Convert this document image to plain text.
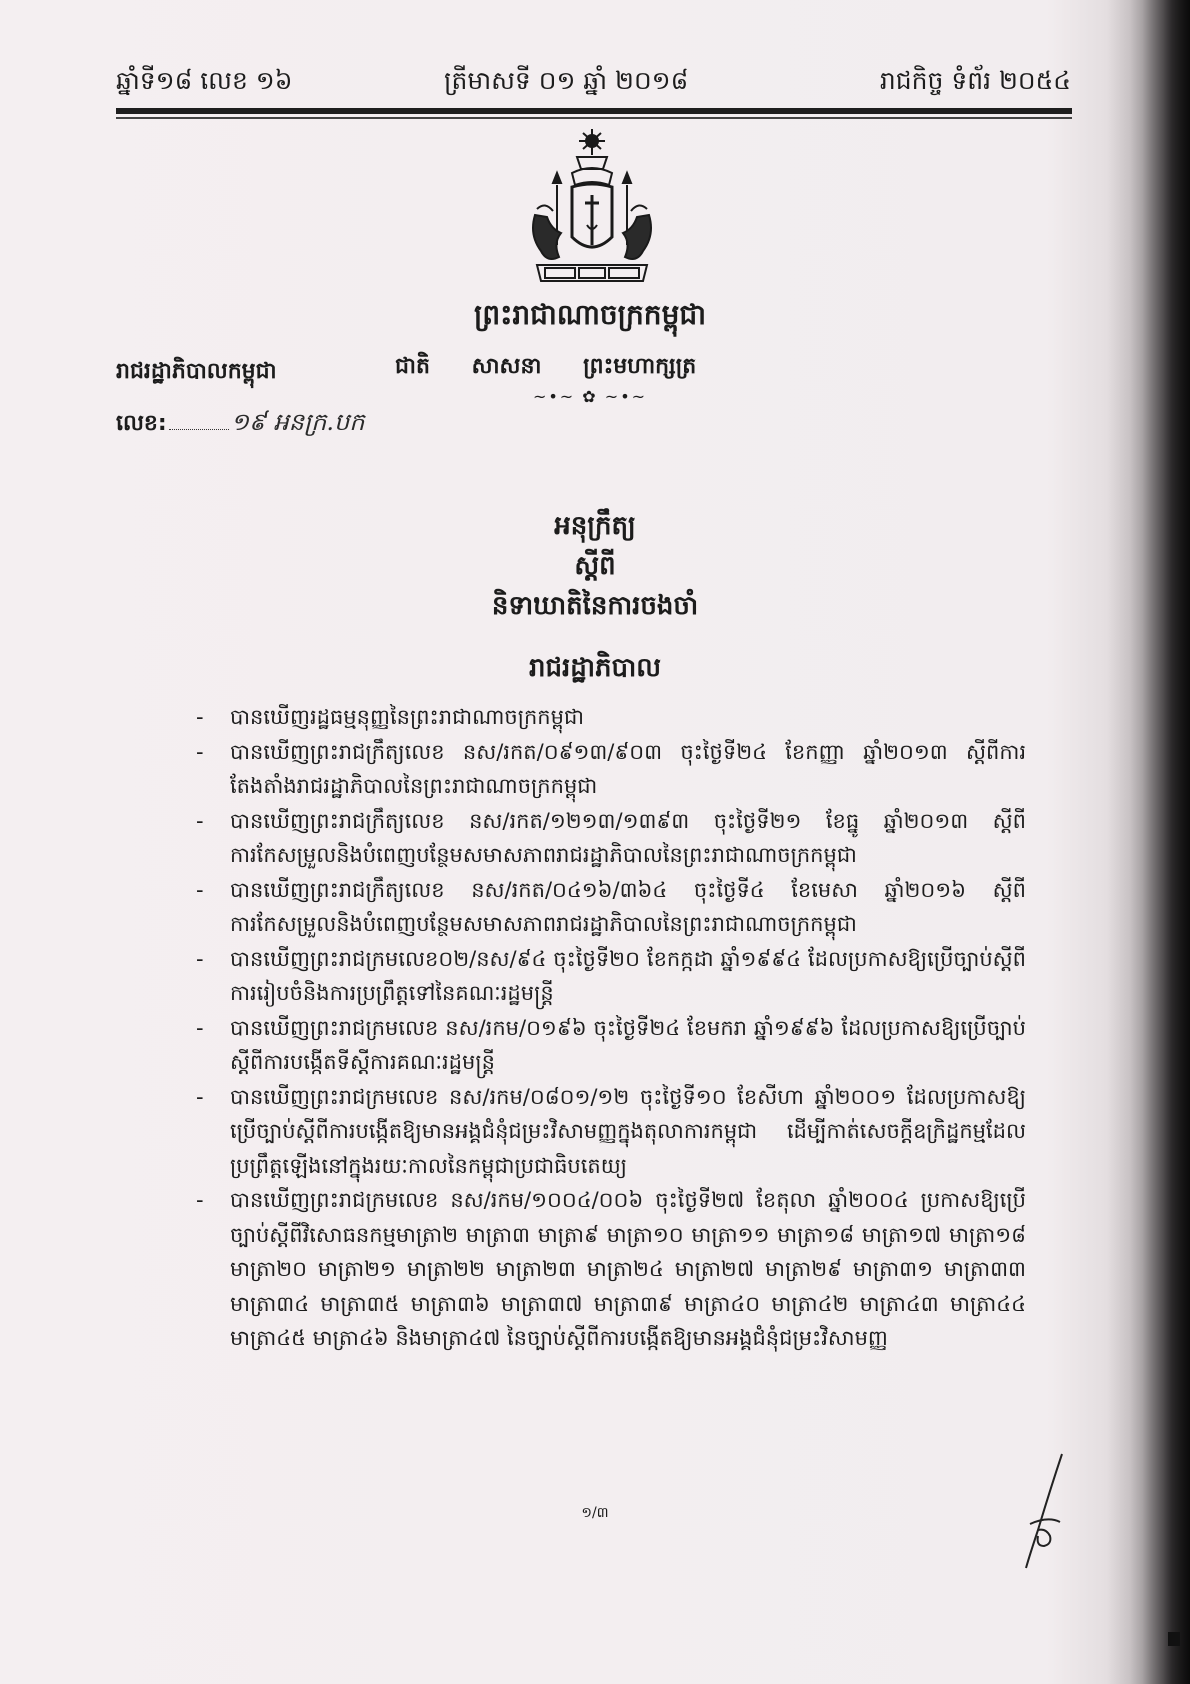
ឆ្នាំទី១៨ លេខ ១៦	ត្រីមាសទី ០១ ឆ្នាំ ២០១៨	រាជកិច្ច ទំព័រ ២០៥៤
ព្រះរាជាណាចក្រកម្ពុជា
ជាតិ សាសនា ព្រះមហាក្សត្រ
~•~ ✿ ~•~
រាជរដ្ឋាភិបាលកម្ពុជា
លេខ:	១៩ អនក្រ.បក
អនុក្រឹត្យ
ស្តីពី
និទាឃាតិនៃការចងចាំ
រាជរដ្ឋាភិបាល
- បានឃើញរដ្ឋធម្មនុញ្ញនៃព្រះរាជាណាចក្រកម្ពុជា
- បានឃើញព្រះរាជក្រឹត្យលេខ នស/រកត/០៩១៣/៩០៣ ចុះថ្ងៃទី២៤ ខែកញ្ញា ឆ្នាំ២០១៣ ស្តីពីការតែងតាំងរាជរដ្ឋាភិបាលនៃព្រះរាជាណាចក្រកម្ពុជា
- បានឃើញព្រះរាជក្រឹត្យលេខ នស/រកត/១២១៣/១៣៩៣ ចុះថ្ងៃទី២១ ខែធ្នូ ឆ្នាំ២០១៣ ស្តីពីការកែសម្រួលនិងបំពេញបន្ថែមសមាសភាពរាជរដ្ឋាភិបាលនៃព្រះរាជាណាចក្រកម្ពុជា
- បានឃើញព្រះរាជក្រឹត្យលេខ នស/រកត/០៤១៦/៣៦៤ ចុះថ្ងៃទី៤ ខែមេសា ឆ្នាំ២០១៦ ស្តីពីការកែសម្រួលនិងបំពេញបន្ថែមសមាសភាពរាជរដ្ឋាភិបាលនៃព្រះរាជាណាចក្រកម្ពុជា
- បានឃើញព្រះរាជក្រមលេខ០២/នស/៩៤ ចុះថ្ងៃទី២០ ខែកក្កដា ឆ្នាំ១៩៩៤ ដែលប្រកាសឱ្យប្រើច្បាប់ស្តីពីការរៀបចំនិងការប្រព្រឹត្តទៅនៃគណៈរដ្ឋមន្ត្រី
- បានឃើញព្រះរាជក្រមលេខ នស/រកម/០១៩៦ ចុះថ្ងៃទី២៤ ខែមករា ឆ្នាំ១៩៩៦ ដែលប្រកាសឱ្យប្រើច្បាប់ស្តីពីការបង្កើតទីស្តីការគណៈរដ្ឋមន្ត្រី
- បានឃើញព្រះរាជក្រមលេខ នស/រកម/០៨០១/១២ ចុះថ្ងៃទី១០ ខែសីហា ឆ្នាំ២០០១ ដែលប្រកាសឱ្យប្រើច្បាប់ស្តីពីការបង្កើតឱ្យមានអង្គជំនុំជម្រះវិសាមញ្ញក្នុងតុលាការកម្ពុជា ដើម្បីកាត់សេចក្តីឧក្រិដ្ឋកម្មដែលប្រព្រឹត្តឡើងនៅក្នុងរយៈកាលនៃកម្ពុជាប្រជាធិបតេយ្យ
- បានឃើញព្រះរាជក្រមលេខ នស/រកម/១០០៤/០០៦ ចុះថ្ងៃទី២៧ ខែតុលា ឆ្នាំ២០០៤ ប្រកាសឱ្យប្រើច្បាប់ស្តីពីវិសោធនកម្មមាត្រា២ មាត្រា៣ មាត្រា៩ មាត្រា១០ មាត្រា១១ មាត្រា១៨ មាត្រា១៧ មាត្រា១៨ មាត្រា២០ មាត្រា២១ មាត្រា២២ មាត្រា២៣ មាត្រា២៤ មាត្រា២៧ មាត្រា២៩ មាត្រា៣១ មាត្រា៣៣ មាត្រា៣៤ មាត្រា៣៥ មាត្រា៣៦ មាត្រា៣៧ មាត្រា៣៩ មាត្រា៤០ មាត្រា៤២ មាត្រា៤៣ មាត្រា៤៤ មាត្រា៤៥ មាត្រា៤៦ និងមាត្រា៤៧ នៃច្បាប់ស្តីពីការបង្កើតឱ្យមានអង្គជំនុំជម្រះវិសាមញ្ញ
១/៣
